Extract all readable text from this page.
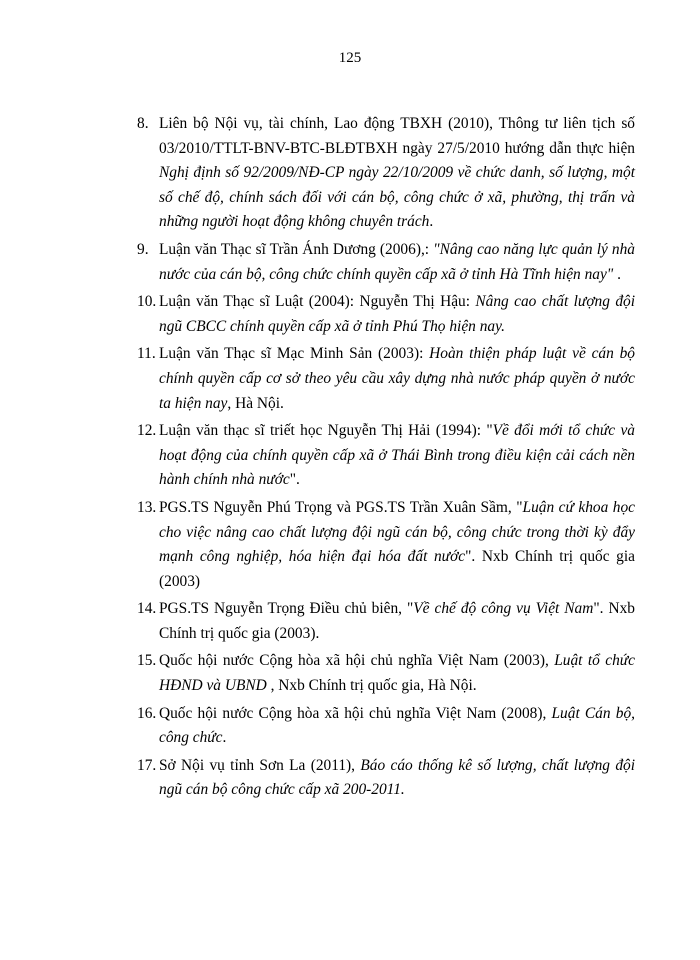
125
8. Liên bộ Nội vụ, tài chính, Lao động TBXH (2010), Thông tư liên tịch số 03/2010/TTLT-BNV-BTC-BLĐTBXH ngày 27/5/2010 hướng dẫn thực hiện Nghị định số 92/2009/NĐ-CP ngày 22/10/2009 về chức danh, số lượng, một số chế độ, chính sách đối với cán bộ, công chức ở xã, phường, thị trấn và những người hoạt động không chuyên trách.
9. Luận văn Thạc sĩ Trần Ánh Dương (2006),: "Nâng cao năng lực quản lý nhà nước của cán bộ, công chức chính quyền cấp xã ở tỉnh Hà Tĩnh hiện nay" .
10. Luận văn Thạc sĩ Luật (2004): Nguyễn Thị Hậu: Nâng cao chất lượng đội ngũ CBCC chính quyền cấp xã ở tỉnh Phú Thọ hiện nay.
11. Luận văn Thạc sĩ Mạc Minh Sản (2003): Hoàn thiện pháp luật về cán bộ chính quyền cấp cơ sở theo yêu cầu xây dựng nhà nước pháp quyền ở nước ta hiện nay, Hà Nội.
12. Luận văn thạc sĩ triết học Nguyễn Thị Hải (1994): "Về đổi mới tổ chức và hoạt động của chính quyền cấp xã ở Thái Bình trong điều kiện cải cách nền hành chính nhà nước".
13. PGS.TS Nguyễn Phú Trọng và PGS.TS Trần Xuân Sầm, "Luận cứ khoa học cho việc nâng cao chất lượng đội ngũ cán bộ, công chức trong thời kỳ đẩy mạnh công nghiệp, hóa hiện đại hóa đất nước". Nxb Chính trị quốc gia (2003)
14. PGS.TS Nguyễn Trọng Điều chủ biên, "Về chế độ công vụ Việt Nam". Nxb Chính trị quốc gia (2003).
15. Quốc hội nước Cộng hòa xã hội chủ nghĩa Việt Nam (2003), Luật tổ chức HĐND và UBND , Nxb Chính trị quốc gia, Hà Nội.
16. Quốc hội nước Cộng hòa xã hội chủ nghĩa Việt Nam (2008), Luật Cán bộ, công chức.
17. Sở Nội vụ tỉnh Sơn La (2011), Báo cáo thống kê số lượng, chất lượng đội ngũ cán bộ công chức cấp xã 200-2011.
